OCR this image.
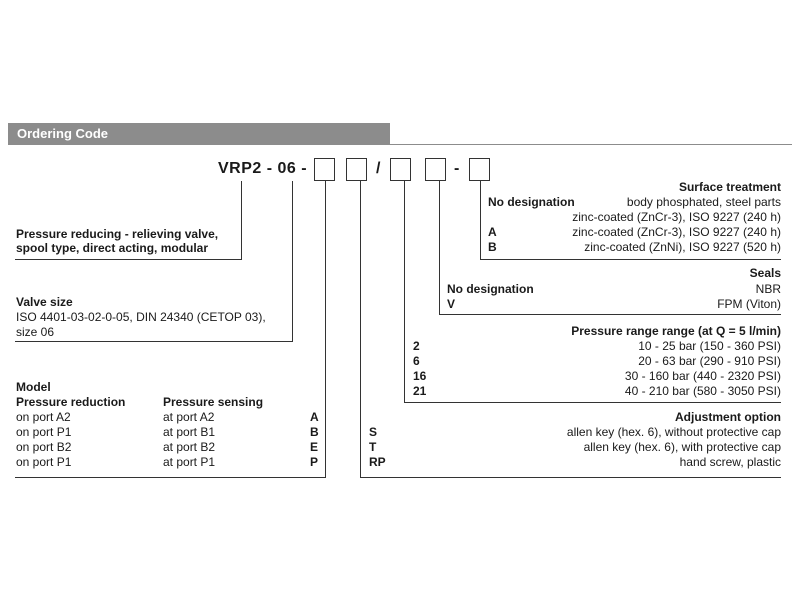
Ordering Code
VRP2 - 06 -	/	-
Pressure reducing - relieving valve,
spool type, direct acting, modular
Valve size
ISO 4401-03-02-0-05, DIN 24340 (CETOP 03),
size 06
Model
Pressure reduction	Pressure sensing
on port A2	at port A2	A
on port P1	at port B1	B
on port B2	at port B2	E
on port P1	at port P1	P
Surface treatment
No designation	body phosphated, steel parts
zinc-coated (ZnCr-3), ISO 9227 (240 h)
A	zinc-coated (ZnCr-3), ISO 9227 (240 h)
B	zinc-coated (ZnNi), ISO 9227 (520 h)
Seals
No designation	NBR
V	FPM (Viton)
Pressure range range (at Q = 5 l/min)
2	10 - 25 bar (150 - 360 PSI)
6	20 - 63 bar (290 - 910 PSI)
16	30 - 160 bar (440 - 2320 PSI)
21	40 - 210 bar (580 - 3050 PSI)
Adjustment option
S	allen key (hex. 6), without protective cap
T	allen key (hex. 6), with protective cap
RP	hand screw, plastic
